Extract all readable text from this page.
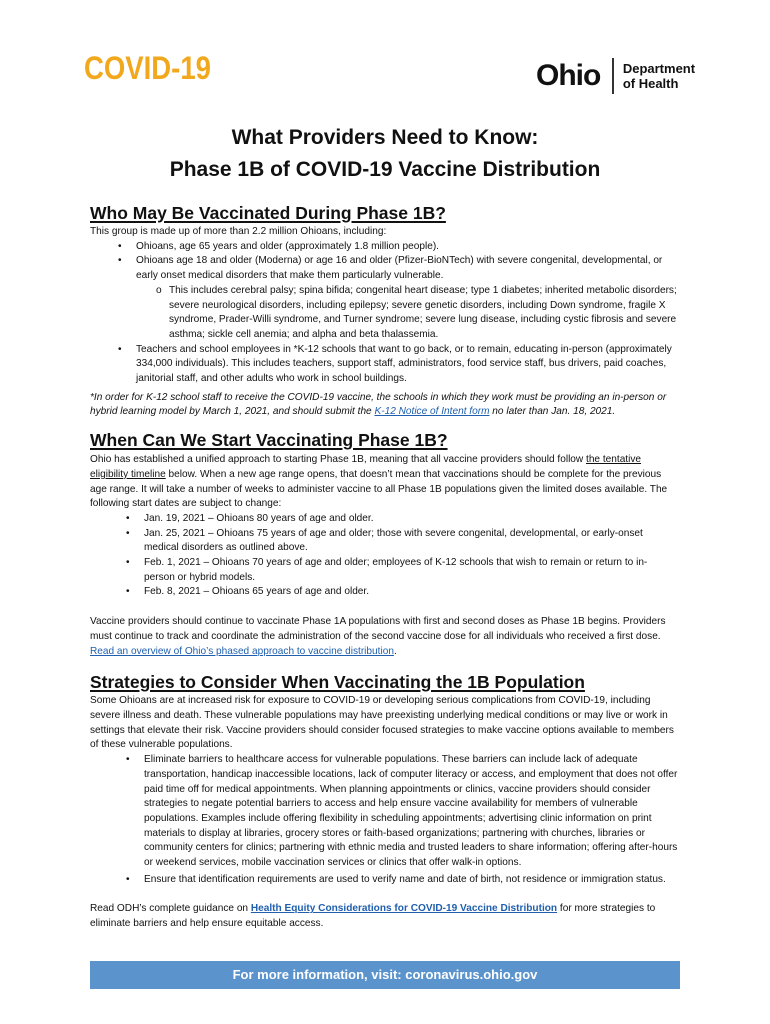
COVID-19	Ohio Department
of Health
What Providers Need to Know:
Phase 1B of COVID-19 Vaccine Distribution
Who May Be Vaccinated During Phase 1B?

This group is made up of more than 2.2 million Ohioans, including:

• Ohioans, age 65 years and older (approximately 1.8 million people).
• Ohioans age 18 and older (Moderna) or age 16 and older (Pfizer-BioNTech) with severe congenital, developmental, or early onset medical disorders that make them particularly vulnerable.
o This includes cerebral palsy; spina bifida; congenital heart disease; type 1 diabetes; inherited metabolic disorders; severe neurological disorders, including epilepsy; severe genetic disorders, including Down syndrome, fragile X syndrome, Prader-Willi syndrome, and Turner syndrome; severe lung disease, including cystic fibrosis and severe asthma; sickle cell anemia; and alpha and beta thalassemia.
• Teachers and school employees in *K-12 schools that want to go back, or to remain, educating in-person (approximately 334,000 individuals). This includes teachers, support staff, administrators, food service staff, bus drivers, paid coaches, janitorial staff, and other adults who work in school buildings.

*In order for K-12 school staff to receive the COVID-19 vaccine, the schools in which they work must be providing an in-person or hybrid learning model by March 1, 2021, and should submit the K-12 Notice of Intent form no later than Jan. 18, 2021.

When Can We Start Vaccinating Phase 1B?

Ohio has established a unified approach to starting Phase 1B, meaning that all vaccine providers should follow the tentative eligibility timeline below. When a new age range opens, that doesn’t mean that vaccinations should be complete for the previous age range. It will take a number of weeks to administer vaccine to all Phase 1B populations given the limited doses available. The following start dates are subject to change:

• Jan. 19, 2021 – Ohioans 80 years of age and older.
• Jan. 25, 2021 – Ohioans 75 years of age and older; those with severe congenital, developmental, or early-onset medical disorders as outlined above.
• Feb. 1, 2021 – Ohioans 70 years of age and older; employees of K-12 schools that wish to remain or return to in-person or hybrid models.
• Feb. 8, 2021 – Ohioans 65 years of age and older.

Vaccine providers should continue to vaccinate Phase 1A populations with first and second doses as Phase 1B begins. Providers must continue to track and coordinate the administration of the second vaccine dose for all individuals who received a first dose. Read an overview of Ohio’s phased approach to vaccine distribution.

Strategies to Consider When Vaccinating the 1B Population

Some Ohioans are at increased risk for exposure to COVID-19 or developing serious complications from COVID-19, including severe illness and death. These vulnerable populations may have preexisting underlying medical conditions or may live or work in settings that elevate their risk. Vaccine providers should consider focused strategies to make vaccine options available to members of these vulnerable populations.

• Eliminate barriers to healthcare access for vulnerable populations. These barriers can include lack of adequate transportation, handicap inaccessible locations, lack of computer literacy or access, and employment that does not offer paid time off for medical appointments. When planning appointments or clinics, vaccine providers should consider strategies to negate potential barriers to access and help ensure vaccine availability for members of vulnerable populations. Examples include offering flexibility in scheduling appointments; advertising clinic information on print materials to display at libraries, grocery stores or faith-based organizations; partnering with churches, libraries or community centers for clinics; partnering with ethnic media and trusted leaders to share information; offering after-hours or weekend services, mobile vaccination services or clinics that offer walk-in options.
• Ensure that identification requirements are used to verify name and date of birth, not residence or immigration status.

Read ODH’s complete guidance on Health Equity Considerations for COVID-19 Vaccine Distribution for more strategies to eliminate barriers and help ensure equitable access.

For more information, visit: coronavirus.ohio.gov
